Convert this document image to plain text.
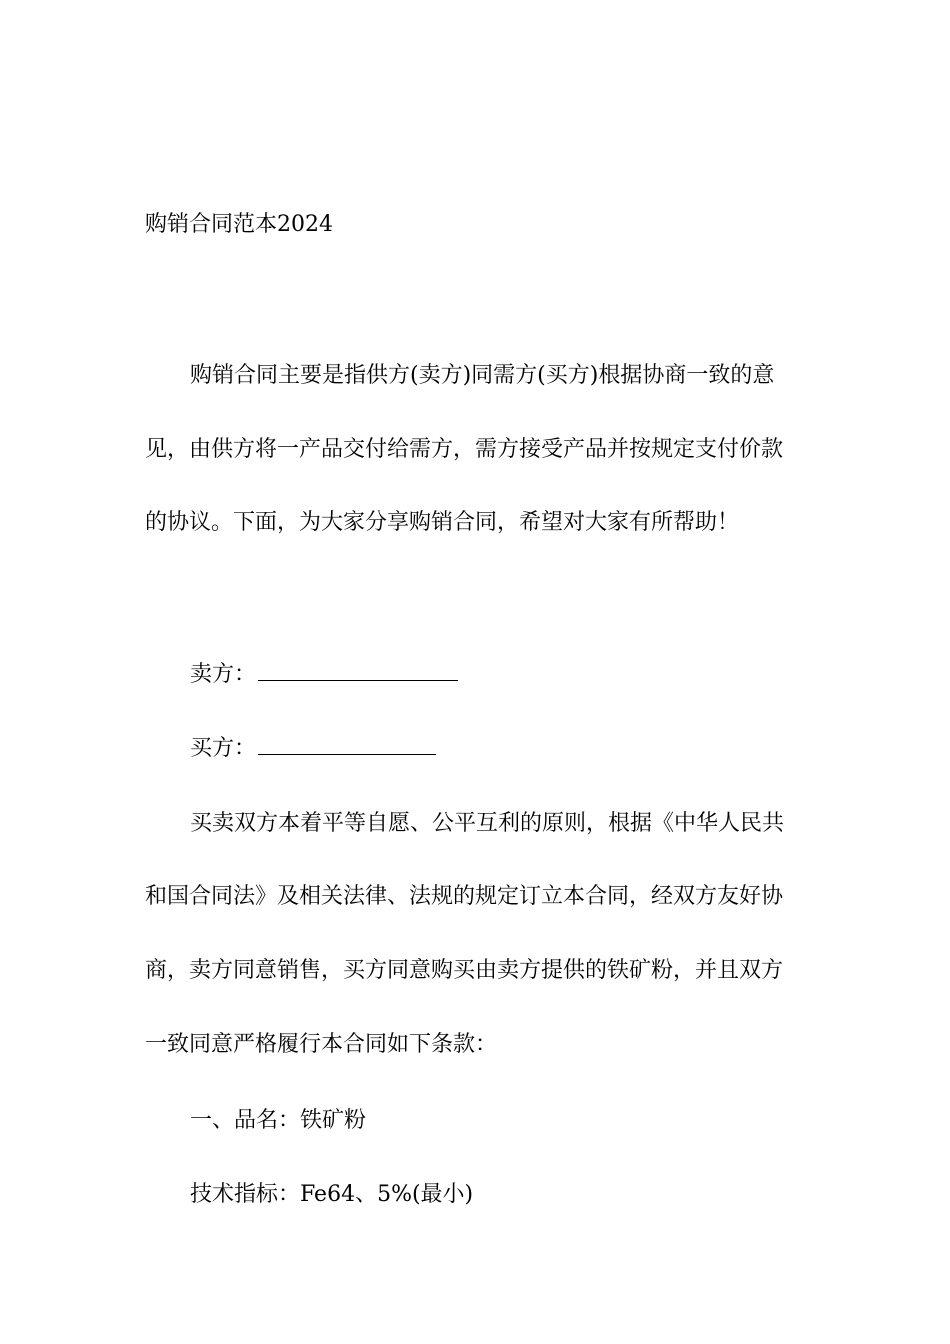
购销合同范本2024
购销合同主要是指供方(卖方)同需方(买方)根据协商一致的意
见，由供方将一产品交付给需方，需方接受产品并按规定支付价款
的协议。下面，为大家分享购销合同，希望对大家有所帮助！
卖方：
买方：
买卖双方本着平等自愿、公平互利的原则，根据《中华人民共
和国合同法》及相关法律、法规的规定订立本合同，经双方友好协
商，卖方同意销售，买方同意购买由卖方提供的铁矿粉，并且双方
一致同意严格履行本合同如下条款：
一、品名：铁矿粉
技术指标：Fe64、5%(最小)
